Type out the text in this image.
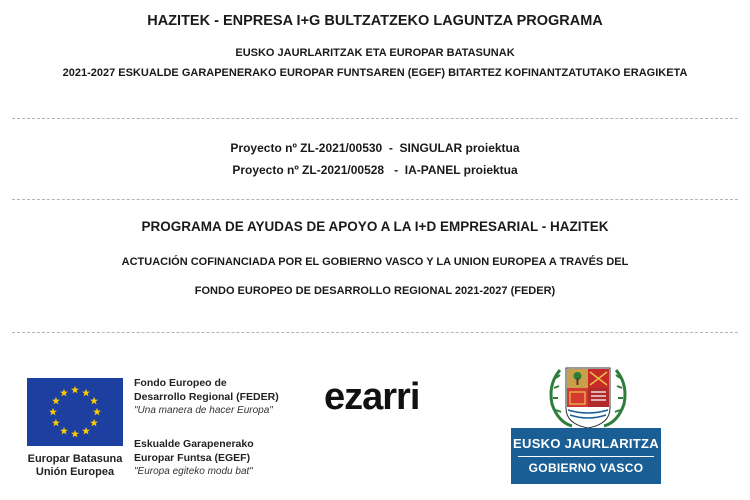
HAZITEK - ENPRESA I+G BULTZATZEKO LAGUNTZA PROGRAMA
EUSKO JAURLARITZAK ETA EUROPAR BATASUNAK
2021-2027 ESKUALDE GARAPENERAKO EUROPAR FUNTSAREN (EGEF) BITARTEZ KOFINANTZATUTAKO ERAGIKETA
Proyecto nº ZL-2021/00530  -  SINGULAR proiektua
Proyecto nº ZL-2021/00528   -  IA-PANEL proiektua
PROGRAMA DE AYUDAS DE APOYO A LA I+D EMPRESARIAL - HAZITEK
ACTUACIÓN COFINANCIADA POR EL GOBIERNO VASCO Y LA UNION EUROPEA A TRAVÉS DEL
FONDO EUROPEO DE DESARROLLO REGIONAL 2021-2027 (FEDER)
Europar Batasuna
Unión Europea
Fondo Europeo de
Desarrollo Regional (FEDER)
"Una manera de hacer Europa"
Eskualde Garapenerako
Europar Funtsa (EGEF)
"Europa egiteko modu bat"
ezarri
EUSKO JAURLARITZA
GOBIERNO VASCO
